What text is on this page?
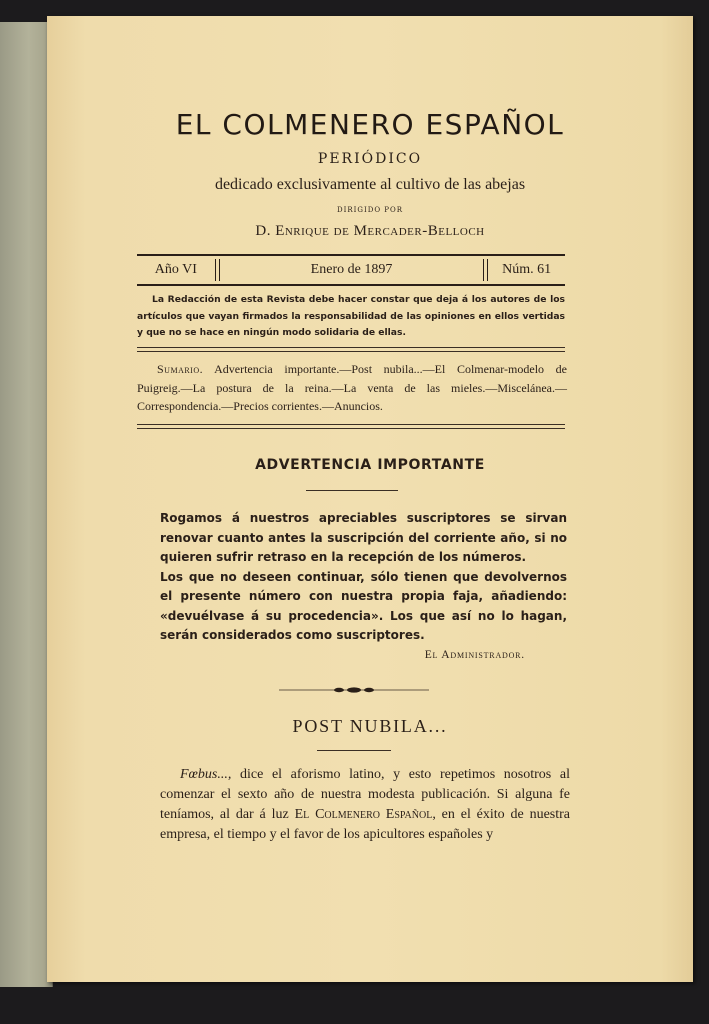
EL COLMENERO ESPAÑOL
PERIÓDICO
dedicado exclusivamente al cultivo de las abejas
DIRIGIDO POR
D. Enrique de Mercader-Belloch
Año VI	Enero de 1897	Núm. 61
La Redacción de esta Revista debe hacer constar que deja á los autores de los artículos que vayan firmados la responsabilidad de las opiniones en ellos vertidas y que no se hace en ningún modo solidaria de ellas.
Sumario. Advertencia importante.—Post nubila...—El Colmenar-modelo de Puigreig.—La postura de la reina.—La venta de las mieles.—Miscelánea.—Correspondencia.—Precios corrientes.—Anuncios.
ADVERTENCIA IMPORTANTE

Rogamos á nuestros apreciables suscriptores se sirvan renovar cuanto antes la suscripción del corriente año, si no quieren sufrir retraso en la recepción de los números.

Los que no deseen continuar, sólo tienen que devolvernos el presente número con nuestra propia faja, añadiendo: «devuélvase á su procedencia». Los que así no lo hagan, serán considerados como suscriptores.

El Administrador.
POST NUBILA...

Fœbus..., dice el aforismo latino, y esto repetimos nosotros al comenzar el sexto año de nuestra modesta publicación. Si alguna fe teníamos, al dar á luz El Colmenero Español, en el éxito de nuestra empresa, el tiempo y el favor de los apicultores españoles y
